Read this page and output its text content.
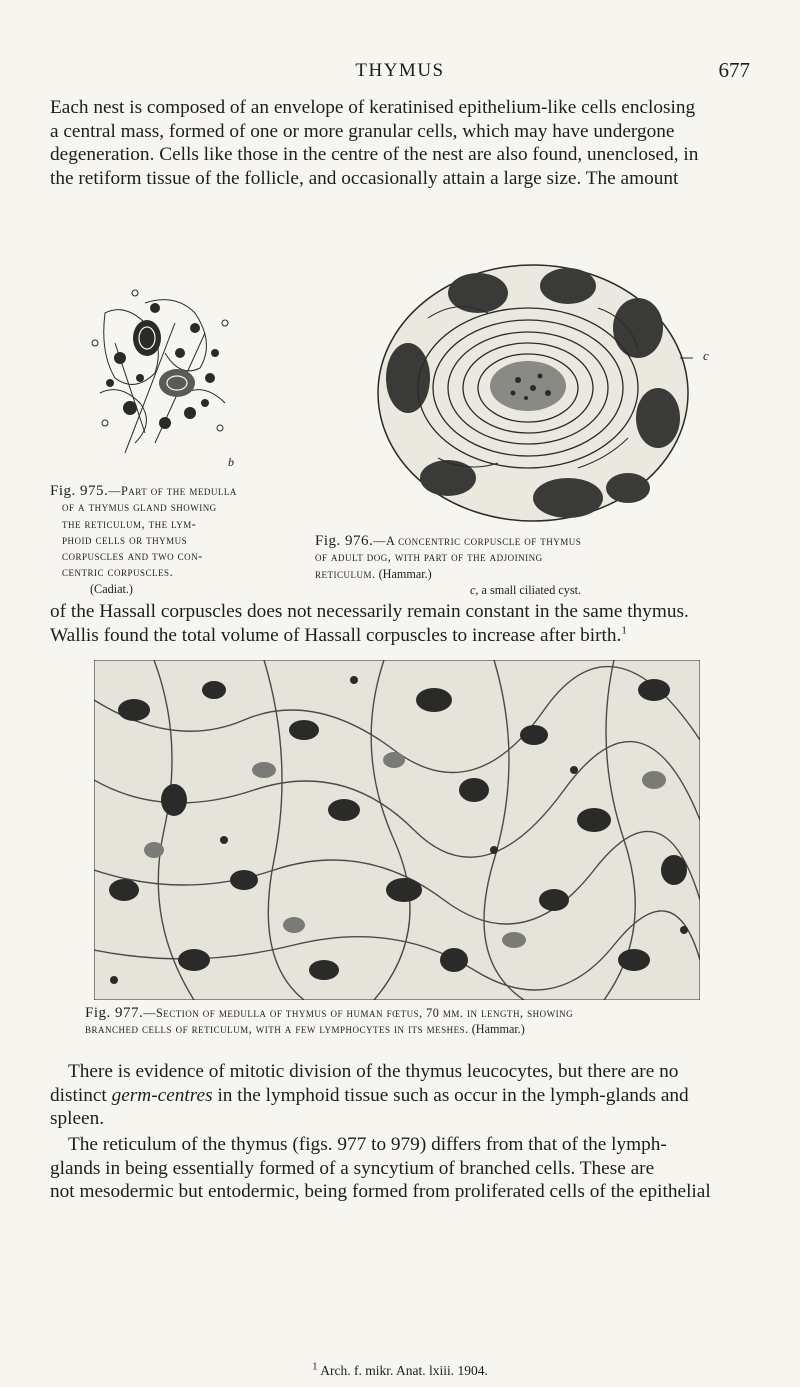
THYMUS	677
Each nest is composed of an envelope of keratinised epithelium-like cells enclosing
a central mass, formed of one or more granular cells, which may have undergone
degeneration. Cells like those in the centre of the nest are also found, unenclosed, in
the retiform tissue of the follicle, and occasionally attain a large size. The amount
b
Fig. 975.—Part of the medulla
of a thymus gland showing
the reticulum, the lym-
phoid cells or thymus
corpuscles and two con-
centric corpuscles.
(Cadiat.)
c
Fig. 976.—A concentric corpuscle of thymus
of adult dog, with part of the adjoining
reticulum. (Hammar.)
c, a small ciliated cyst.
of the Hassall corpuscles does not necessarily remain constant in the same thymus.
Wallis found the total volume of Hassall corpuscles to increase after birth.$^1$
Fig. 977.—Section of medulla of thymus of human fœtus, 70 mm. in length, showing
branched cells of reticulum, with a few lymphocytes in its meshes. (Hammar.)
There is evidence of mitotic division of the thymus leucocytes, but there are no
distinct germ-centres in the lymphoid tissue such as occur in the lymph-glands and
spleen.
The reticulum of the thymus (figs. 977 to 979) differs from that of the lymph-
glands in being essentially formed of a syncytium of branched cells. These are
not mesodermic but entodermic, being formed from proliferated cells of the epithelial
$^1$ Arch. f. mikr. Anat. lxiii. 1904.
